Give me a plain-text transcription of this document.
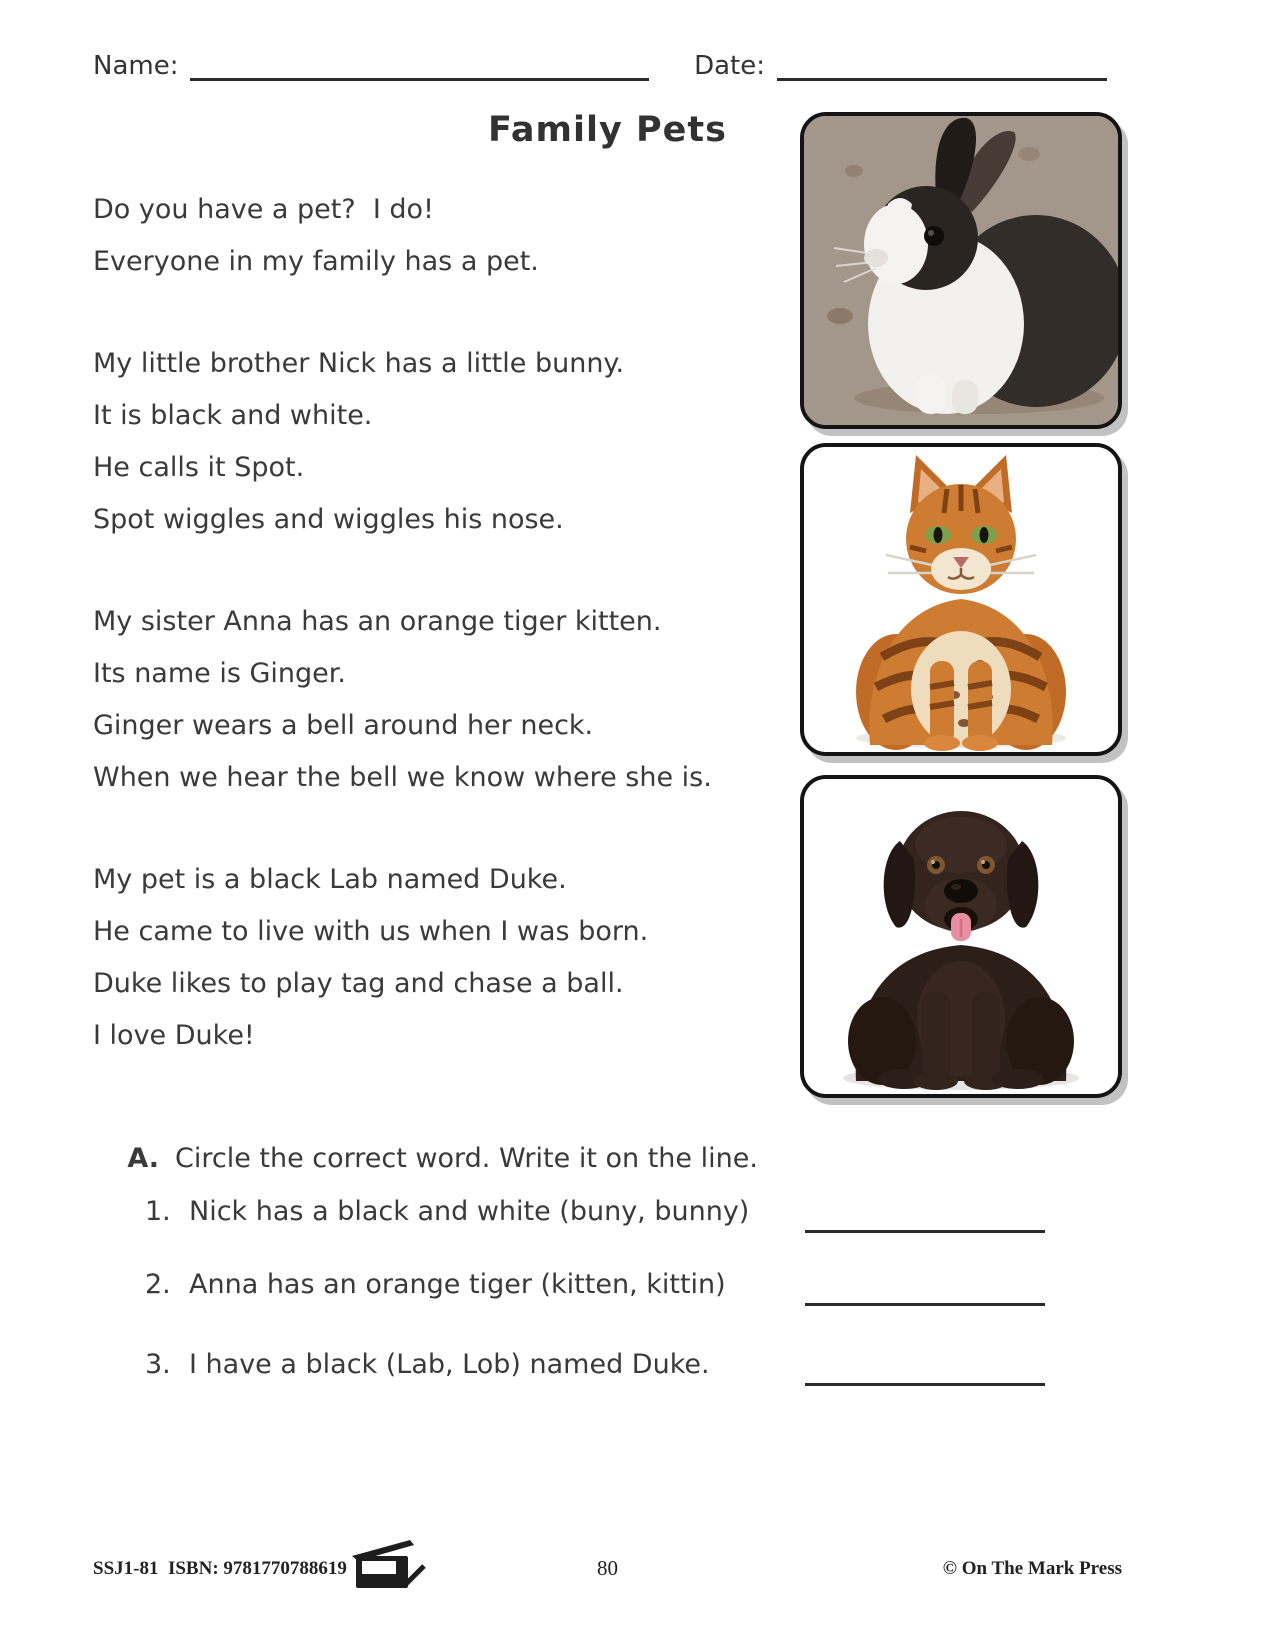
Name:	Date:
Family Pets
Do you have a pet?  I do!
Everyone in my family has a pet.
My little brother Nick has a little bunny.
It is black and white.
He calls it Spot.
Spot wiggles and wiggles his nose.
My sister Anna has an orange tiger kitten.
Its name is Ginger.
Ginger wears a bell around her neck.
When we hear the bell we know where she is.
My pet is a black Lab named Duke.
He came to live with us when I was born.
Duke likes to play tag and chase a ball.
I love Duke!

A. Circle the correct word. Write it on the line.

1. Nick has a black and white (buny, bunny)
2. Anna has an orange tiger (kitten, kittin)
3. I have a black (Lab, Lob) named Duke.
SSJ1-81  ISBN: 9781770788619	80	© On The Mark Press
